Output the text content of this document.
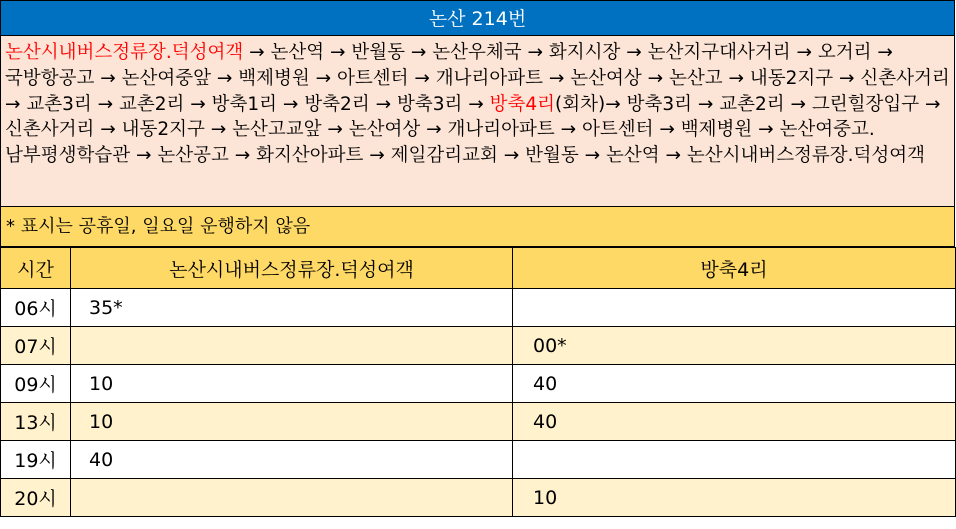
논산 214번
논산시내버스정류장.덕성여객 → 논산역 → 반월동 → 논산우체국 → 화지시장 → 논산지구대사거리 → 오거리 → 국방항공고 → 논산여중앞 → 백제병원 → 아트센터 → 개나리아파트 → 논산여상 → 논산고 → 내동2지구 → 신촌사거리 → 교촌3리 → 교촌2리 → 방축1리 → 방축2리 → 방축3리 → 방축4리(회차)→ 방축3리 → 교촌2리 → 그린힐장입구 → 신촌사거리 → 내동2지구 → 논산고교앞 → 논산여상 → 개나리아파트 → 아트센터 → 백제병원 → 논산여중고.남부평생학습관 → 논산공고 → 화지산아파트 → 제일감리교회 → 반월동 → 논산역 → 논산시내버스정류장.덕성여객
* 표시는 공휴일, 일요일 운행하지 않음
시간	논산시내버스정류장.덕성여객	방축4리
06시	35*	
07시		00*
09시	10	40
13시	10	40
19시	40	
20시		10
